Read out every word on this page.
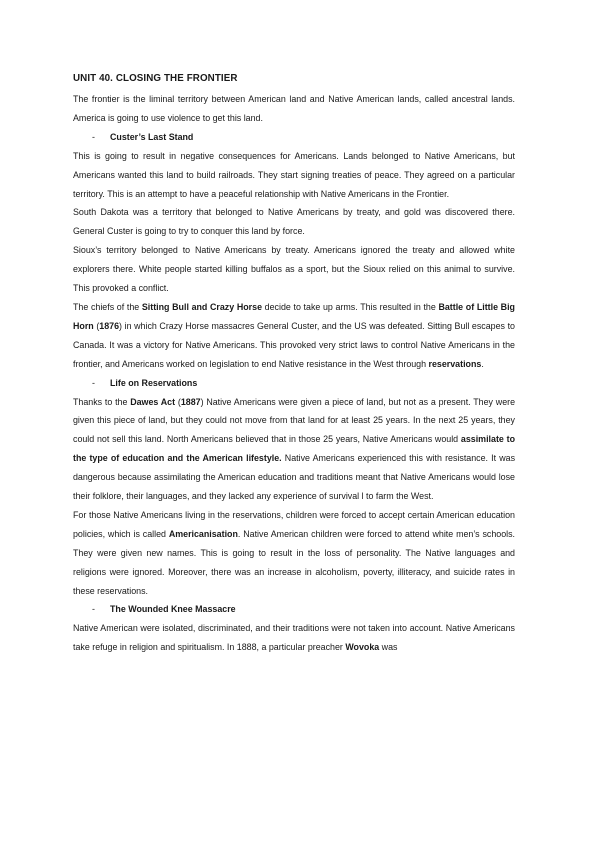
UNIT 40. CLOSING THE FRONTIER

The frontier is the liminal territory between American land and Native American lands, called ancestral lands. America is going to use violence to get this land.

- Custer’s Last Stand

This is going to result in negative consequences for Americans. Lands belonged to Native Americans, but Americans wanted this land to build railroads. They start signing treaties of peace. They agreed on a particular territory. This is an attempt to have a peaceful relationship with Native Americans in the Frontier.

South Dakota was a territory that belonged to Native Americans by treaty, and gold was discovered there. General Custer is going to try to conquer this land by force.

Sioux’s territory belonged to Native Americans by treaty. Americans ignored the treaty and allowed white explorers there. White people started killing buffalos as a sport, but the Sioux relied on this animal to survive. This provoked a conflict.

The chiefs of the Sitting Bull and Crazy Horse decide to take up arms. This resulted in the Battle of Little Big Horn (1876) in which Crazy Horse massacres General Custer, and the US was defeated. Sitting Bull escapes to Canada. It was a victory for Native Americans. This provoked very strict laws to control Native Americans in the frontier, and Americans worked on legislation to end Native resistance in the West through reservations.

- Life on Reservations

Thanks to the Dawes Act (1887) Native Americans were given a piece of land, but not as a present. They were given this piece of land, but they could not move from that land for at least 25 years. In the next 25 years, they could not sell this land. North Americans believed that in those 25 years, Native Americans would assimilate to the type of education and the American lifestyle. Native Americans experienced this with resistance. It was dangerous because assimilating the American education and traditions meant that Native Americans would lose their folklore, their languages, and they lacked any experience of survival l to farm the West.

For those Native Americans living in the reservations, children were forced to accept certain American education policies, which is called Americanisation. Native American children were forced to attend white men’s schools. They were given new names. This is going to result in the loss of personality. The Native languages and religions were ignored. Moreover, there was an increase in alcoholism, poverty, illiteracy, and suicide rates in these reservations.

- The Wounded Knee Massacre

Native American were isolated, discriminated, and their traditions were not taken into account. Native Americans take refuge in religion and spiritualism. In 1888, a particular preacher Wovoka was
